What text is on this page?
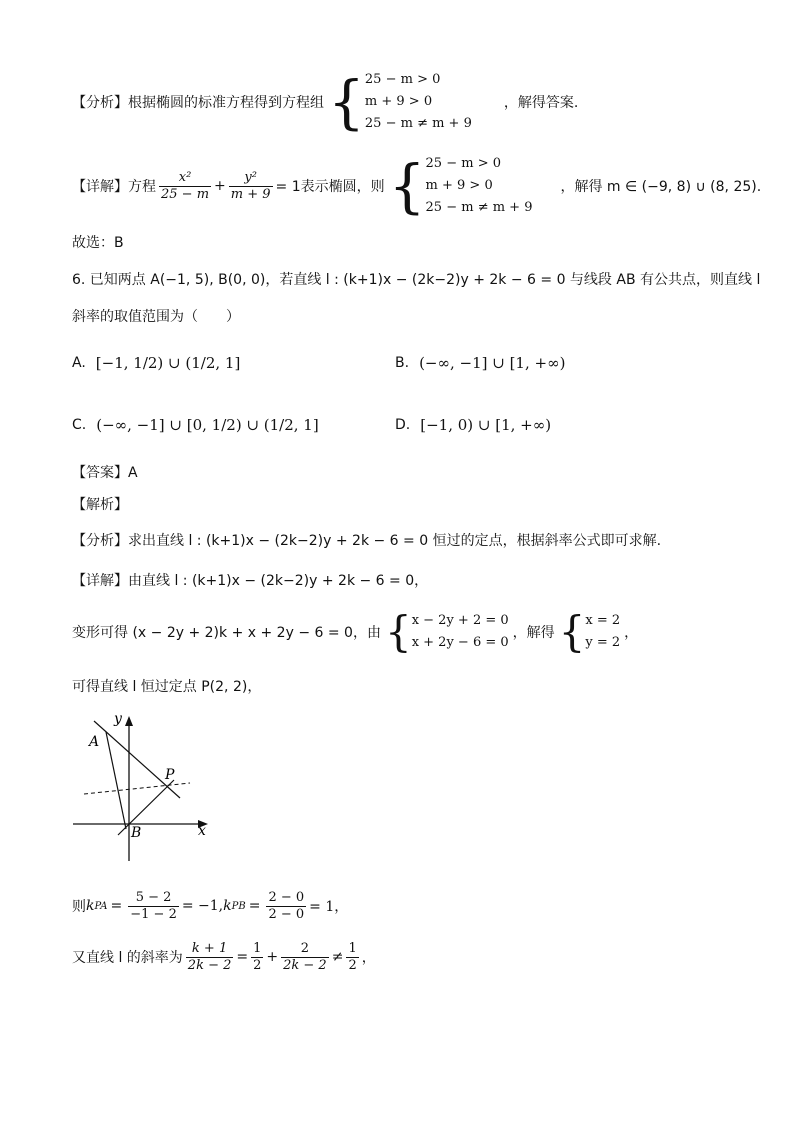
【分析】根据椭圆的标准方程得到方程组 { 25 − m > 0
m + 9 > 0
25 − m ≠ m + 9
，解得答案.
【详解】方程 $\frac{\text{x²}}{25 - m} + \frac{\text{y²}}{m + 9} = 1$表示椭圆，则 { 25 − m > 0
m + 9 > 0
25 − m ≠ m + 9
，解得 m ∈ (−9, 8) ∪ (8, 25).
故选：B
6. 已知两点 A(−1, 5), B(0, 0)，若直线 l : (k+1)x − (2k−2)y + 2k − 6 = 0 与线段 AB 有公共点，则直线 l
斜率的取值范围为（　　）
A. [−1, 1/2) ∪ (1/2, 1]	B. (−∞, −1] ∪ [1, +∞)
C. (−∞, −1] ∪ [0, 1/2) ∪ (1/2, 1]	D. [−1, 0) ∪ [1, +∞)
【答案】A
【解析】
【分析】求出直线 l : (k+1)x − (2k−2)y + 2k − 6 = 0 恒过的定点，根据斜率公式即可求解.
【详解】由直线 l : (k+1)x − (2k−2)y + 2k − 6 = 0，
变形可得 (x − 2y + 2)k + x + 2y − 6 = 0，由 { x − 2y + 2 = 0
x + 2y − 6 = 0
，解得 { x = 2
y = 2
，
可得直线 l 恒过定点 P(2, 2)，
y
x
A
B
P
则 k PA = $\frac{5 - 2}{-1 - 2} = -1$, k PB = $\frac{2 - 0}{2 - 0} = 1$，
又直线 l 的斜率为 $\frac{k + 1}{2k - 2} = \frac{1}{2} + \frac{2}{2k - 2} \ne \frac{1}{2}$ ，
